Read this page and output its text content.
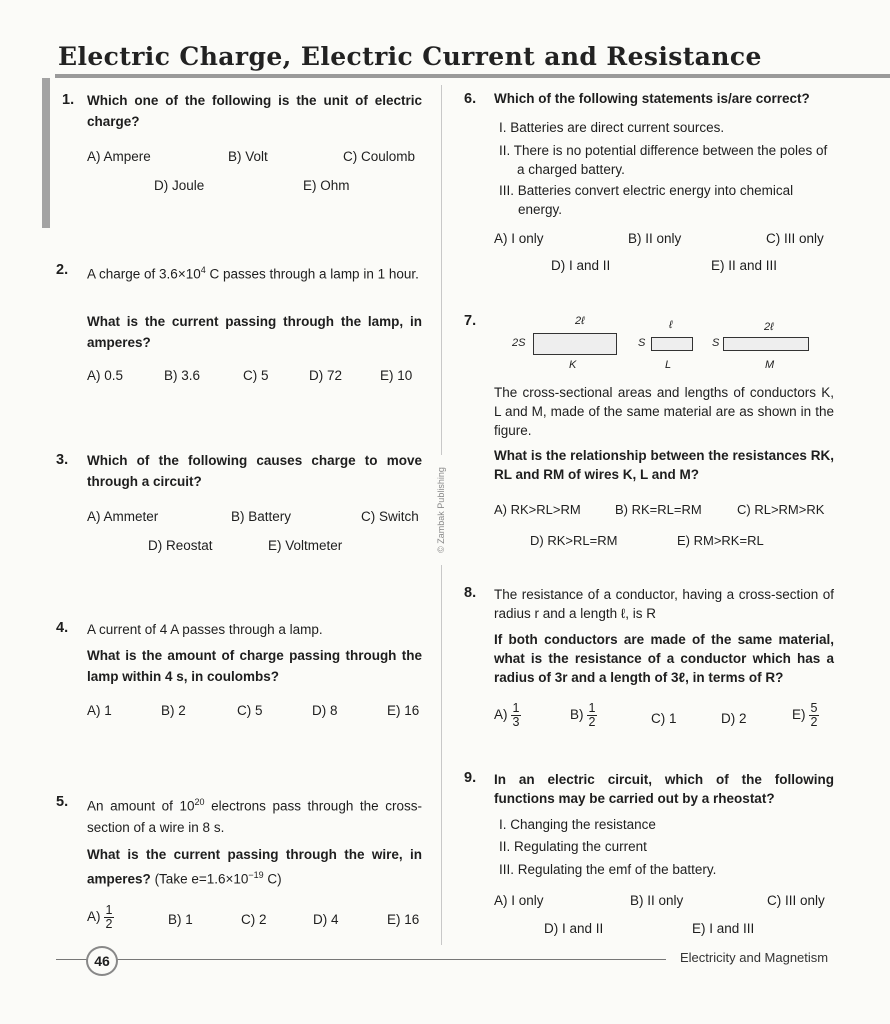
Electric Charge, Electric Current and Resistance
© Zambak Publishing
1. Which one of the following is the unit of electric charge?
A) Ampere	B) Volt	C) Coulomb
D) Joule	E) Ohm
2. A charge of $3.6\times 10^4$ C passes through a lamp in 1 hour.
What is the current passing through the lamp, in amperes?
A) 0.5	B) 3.6	C) 5	D) 72	E) 10
3. Which of the following causes charge to move through a circuit?
A) Ammeter	B) Battery	C) Switch
D) Reostat	E) Voltmeter
4. A current of 4 A passes through a lamp.
What is the amount of charge passing through the lamp within 4 s, in coulombs?
A) 1	B) 2	C) 5	D) 8	E) 16
5. An amount of $10^{20}$ electrons pass through the cross-section of a wire in 8 s.
What is the current passing through the wire, in amperes? (Take $e=1.6\times 10^{-19}$ C)
$A) \frac{1}{2}$	B) 1	C) 2	D) 4	E) 16
6. Which of the following statements is/are correct?
I. Batteries are direct current sources.
II. There is no potential difference between the poles of a charged battery.
III. Batteries convert electric energy into chemical energy.
A) I only	B) II only	C) III only
D) I and II	E) II and III
7.	2ℓ
2S
K
ℓ
S
L
2ℓ
S
M
The cross-sectional areas and lengths of conductors K, L and M, made of the same material are as shown in the figure.
What is the relationship between the resistances RK, RL and RM of wires K, L and M?
A) RK>RL>RM	B) RK=RL=RM	C) RL>RM>RK
D) RK>RL=RM	E) RM>RK=RL
8. The resistance of a conductor, having a cross-section of radius r and a length ℓ, is R
If both conductors are made of the same material, what is the resistance of a conductor which has a radius of 3r and a length of 3ℓ, in terms of R?
$A) \frac{1}{3}$	$B) \frac{1}{2}$	C) 1	D) 2	$E) \frac{5}{2}$
9. In an electric circuit, which of the following functions may be carried out by a rheostat?
I. Changing the resistance
II. Regulating the current
III. Regulating the emf of the battery.
A) I only	B) II only	C) III only
D) I and II	E) I and III
46	Electricity and Magnetism
